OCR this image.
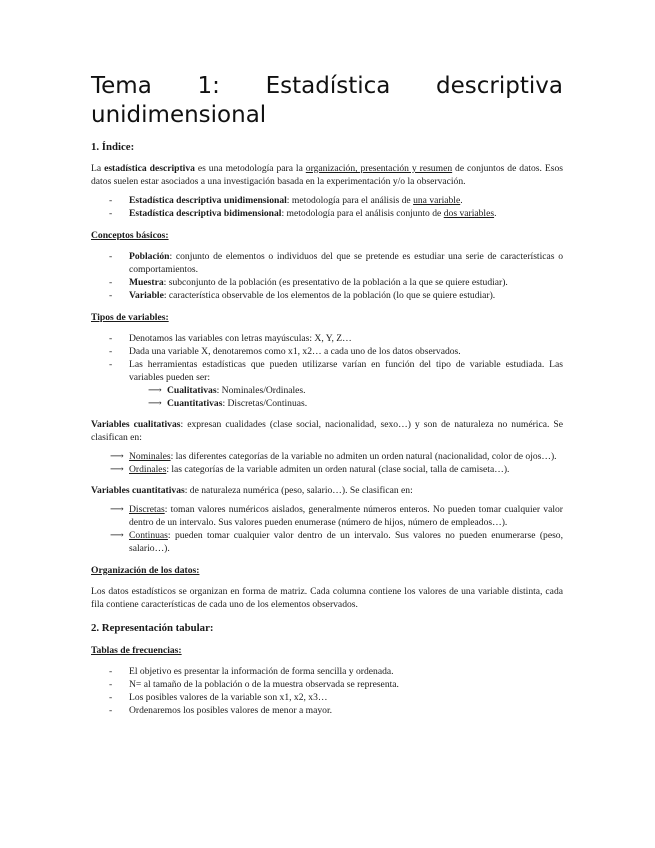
Tema 1: Estadística descriptiva
unidimensional
1. Índice:

La estadística descriptiva es una metodología para la organización, presentación y resumen de conjuntos de datos. Esos datos suelen estar asociados a una investigación basada en la experimentación y/o la observación.

- Estadística descriptiva unidimensional: metodología para el análisis de una variable.
- Estadística descriptiva bidimensional: metodología para el análisis conjunto de dos variables.
Conceptos básicos:
- Población: conjunto de elementos o individuos del que se pretende es estudiar una serie de características o comportamientos.
- Muestra: subconjunto de la población (es presentativo de la población a la que se quiere estudiar).
- Variable: característica observable de los elementos de la población (lo que se quiere estudiar).
Tipos de variables:
- Denotamos las variables con letras mayúsculas: X, Y, Z…
- Dada una variable X, denotaremos como x1, x2… a cada uno de los datos observados.
- Las herramientas estadísticas que pueden utilizarse varían en función del tipo de variable estudiada. Las variables pueden ser:
⟶ Cualitativas: Nominales/Ordinales.
⟶ Cuantitativas: Discretas/Continuas.

Variables cualitativas: expresan cualidades (clase social, nacionalidad, sexo…) y son de naturaleza no numérica. Se clasifican en:

⟶ Nominales: las diferentes categorías de la variable no admiten un orden natural (nacionalidad, color de ojos…).
⟶ Ordinales: las categorías de la variable admiten un orden natural (clase social, talla de camiseta…).

Variables cuantitativas: de naturaleza numérica (peso, salario…). Se clasifican en:

⟶ Discretas: toman valores numéricos aislados, generalmente números enteros. No pueden tomar cualquier valor dentro de un intervalo. Sus valores pueden enumerase (número de hijos, número de empleados…).
⟶ Continuas: pueden tomar cualquier valor dentro de un intervalo. Sus valores no pueden enumerarse (peso, salario…).
Organización de los datos:

Los datos estadísticos se organizan en forma de matriz. Cada columna contiene los valores de una variable distinta, cada fila contiene características de cada uno de los elementos observados.

2. Representación tabular:
Tablas de frecuencias:
- El objetivo es presentar la información de forma sencilla y ordenada.
- N= al tamaño de la población o de la muestra observada se representa.
- Los posibles valores de la variable son x1, x2, x3…
- Ordenaremos los posibles valores de menor a mayor.
